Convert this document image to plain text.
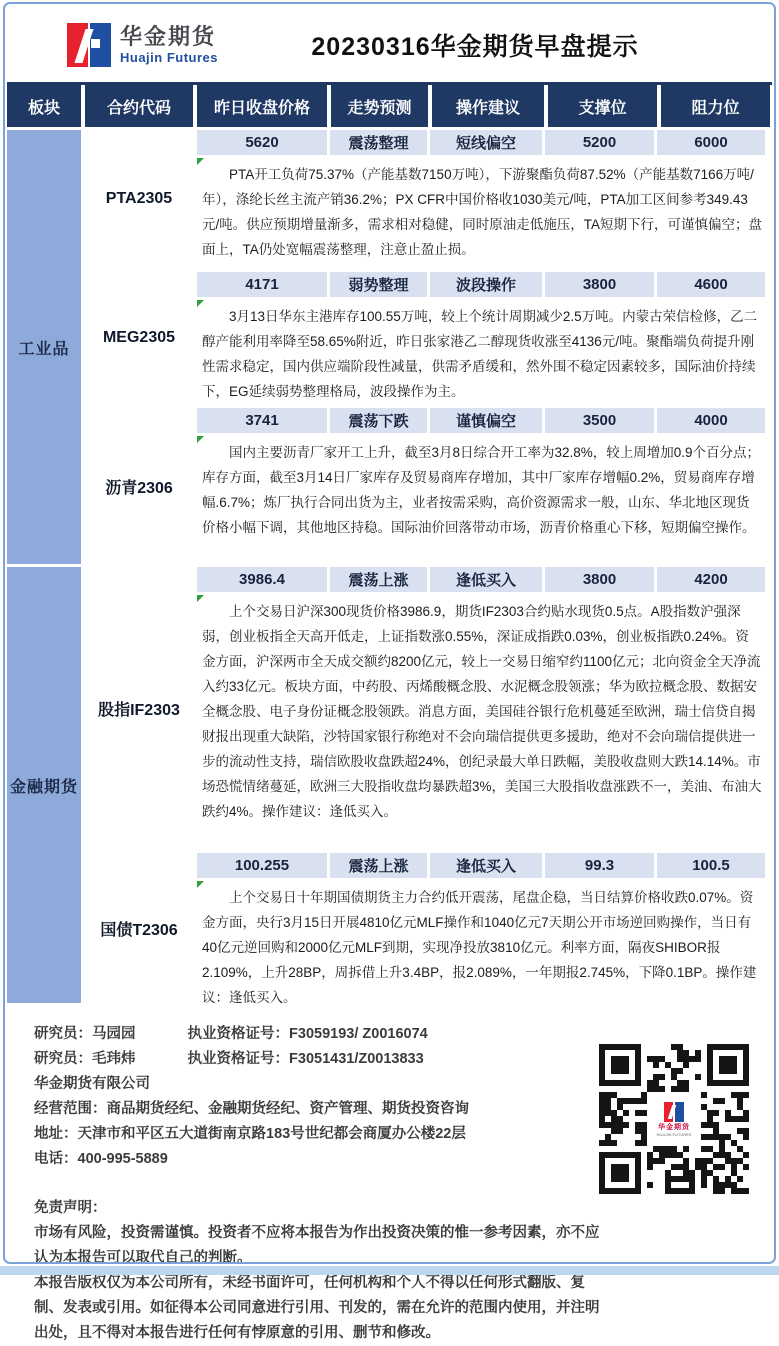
华金期货
Huajin Futures	20230316华金期货早盘提示
板块	合约代码	昨日收盘价格	走势预测	操作建议	支撑位	阻力位
工业品
PTA2305
5620	震荡整理	短线偏空	5200	6000
PTA开工负荷75.37%（产能基数7150万吨），下游聚酯负荷87.52%（产能基数7166万吨/年），涤纶长丝主流产销36.2%；PX CFR中国价格收1030美元/吨，PTA加工区间参考349.43元/吨。供应预期增量渐多，需求相对稳健，同时原油走低施压，TA短期下行，可谨慎偏空；盘面上，TA仍处宽幅震荡整理，注意止盈止损。
MEG2305
4171	弱势整理	波段操作	3800	4600
3月13日华东主港库存100.55万吨，较上个统计周期减少2.5万吨。内蒙古荣信检修，乙二醇产能利用率降至58.65%附近，昨日张家港乙二醇现货收涨至4136元/吨。聚酯端负荷提升刚性需求稳定，国内供应端阶段性减量，供需矛盾缓和，然外围不稳定因素较多，国际油价持续下，EG延续弱势整理格局，波段操作为主。
沥青2306
3741	震荡下跌	谨慎偏空	3500	4000
国内主要沥青厂家开工上升，截至3月8日综合开工率为32.8%，较上周增加0.9个百分点；库存方面，截至3月14日厂家库存及贸易商库存增加，其中厂家库存增幅0.2%，贸易商库存增幅.6.7%；炼厂执行合同出货为主，业者按需采购，高价资源需求一般，山东、华北地区现货价格小幅下调，其他地区持稳。国际油价回落带动市场，沥青价格重心下移，短期偏空操作。
金融期货
股指IF2303
3986.4	震荡上涨	逢低买入	3800	4200
上个交易日沪深300现货价格3986.9，期货IF2303合约贴水现货0.5点。A股指数沪强深弱，创业板指全天高开低走，上证指数涨0.55%，深证成指跌0.03%，创业板指跌0.24%。资金方面，沪深两市全天成交额约8200亿元，较上一交易日缩窄约1100亿元；北向资金全天净流入约33亿元。板块方面，中药股、丙烯酸概念股、水泥概念股领涨；华为欧拉概念股、数据安全概念股、电子身份证概念股领跌。消息方面，美国硅谷银行危机蔓延至欧洲，瑞士信贷自揭财报出现重大缺陷，沙特国家银行称绝对不会向瑞信提供更多援助，绝对不会向瑞信提供进一步的流动性支持，瑞信欧股收盘跌超24%，创纪录最大单日跌幅，美股收盘则大跌14.14%。市场恐慌情绪蔓延，欧洲三大股指收盘均暴跌超3%，美国三大股指收盘涨跌不一，美油、布油大跌约4%。操作建议：逢低买入。
国债T2306
100.255	震荡上涨	逢低买入	99.3	100.5
上个交易日十年期国债期货主力合约低开震荡，尾盘企稳，当日结算价格收跌0.07%。资金方面，央行3月15日开展4810亿元MLF操作和1040亿元7天期公开市场逆回购操作，当日有40亿元逆回购和2000亿元MLF到期，实现净投放3810亿元。利率方面，隔夜SHIBOR报2.109%，上升28BP，周拆借上升3.4BP，报2.089%，一年期报2.745%，下降0.1BP。操作建议：逢低买入。
研究员：马园园	执业资格证号：F3059193/ Z0016074
研究员：毛玮炜	执业资格证号：F3051431/Z0013833
华金期货有限公司
经营范围：商品期货经纪、金融期货经纪、资产管理、期货投资咨询
地址：天津市和平区五大道街南京路183号世纪都会商厦办公楼22层
电话：400-995-5889
免责声明：
市场有风险，投资需谨慎。投资者不应将本报告为作出投资决策的惟一参考因素，亦不应认为本报告可以取代自己的判断。
本报告版权仅为本公司所有，未经书面许可，任何机构和个人不得以任何形式翻版、复制、发表或引用。如征得本公司同意进行引用、刊发的，需在允许的范围内使用，并注明出处，且不得对本报告进行任何有悖原意的引用、删节和修改。
华金期货
HUAJIN FUTURES
